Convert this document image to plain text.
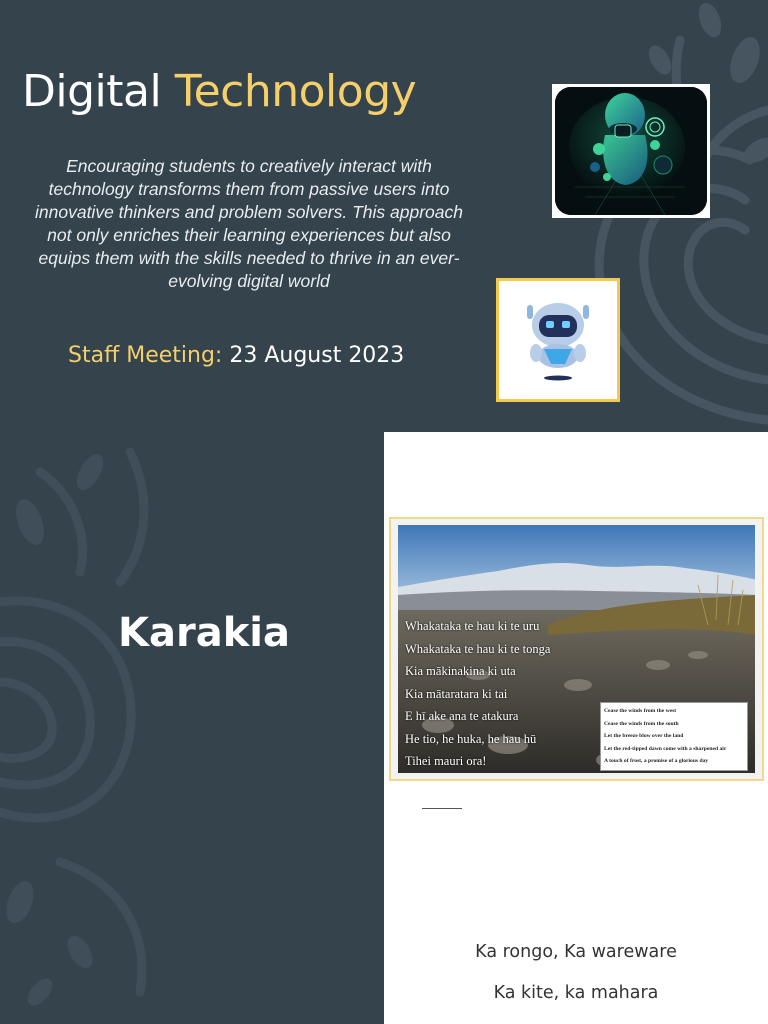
Digital Technology

Encouraging students to creatively interact with technology transforms them from passive users into innovative thinkers and problem solvers. This approach not only enriches their learning experiences but also equips them with the skills needed to thrive in an ever-evolving digital world

Staff Meeting: 23 August 2023
Karakia	Whakataka te hau ki te uru
Whakataka te hau ki te tonga
Kia mākinakina ki uta
Kia mātaratara ki tai
E hī ake ana te atakura
He tio, he huka, he hau hū
Tihei mauri ora!
Cease the winds from the west
Cease the winds from the south
Let the breeze blow over the land
Let the red-tipped dawn come with a sharpened air
A touch of frost, a promise of a glorious day

Ka rongo, Ka wareware

Ka kite, ka mahara
